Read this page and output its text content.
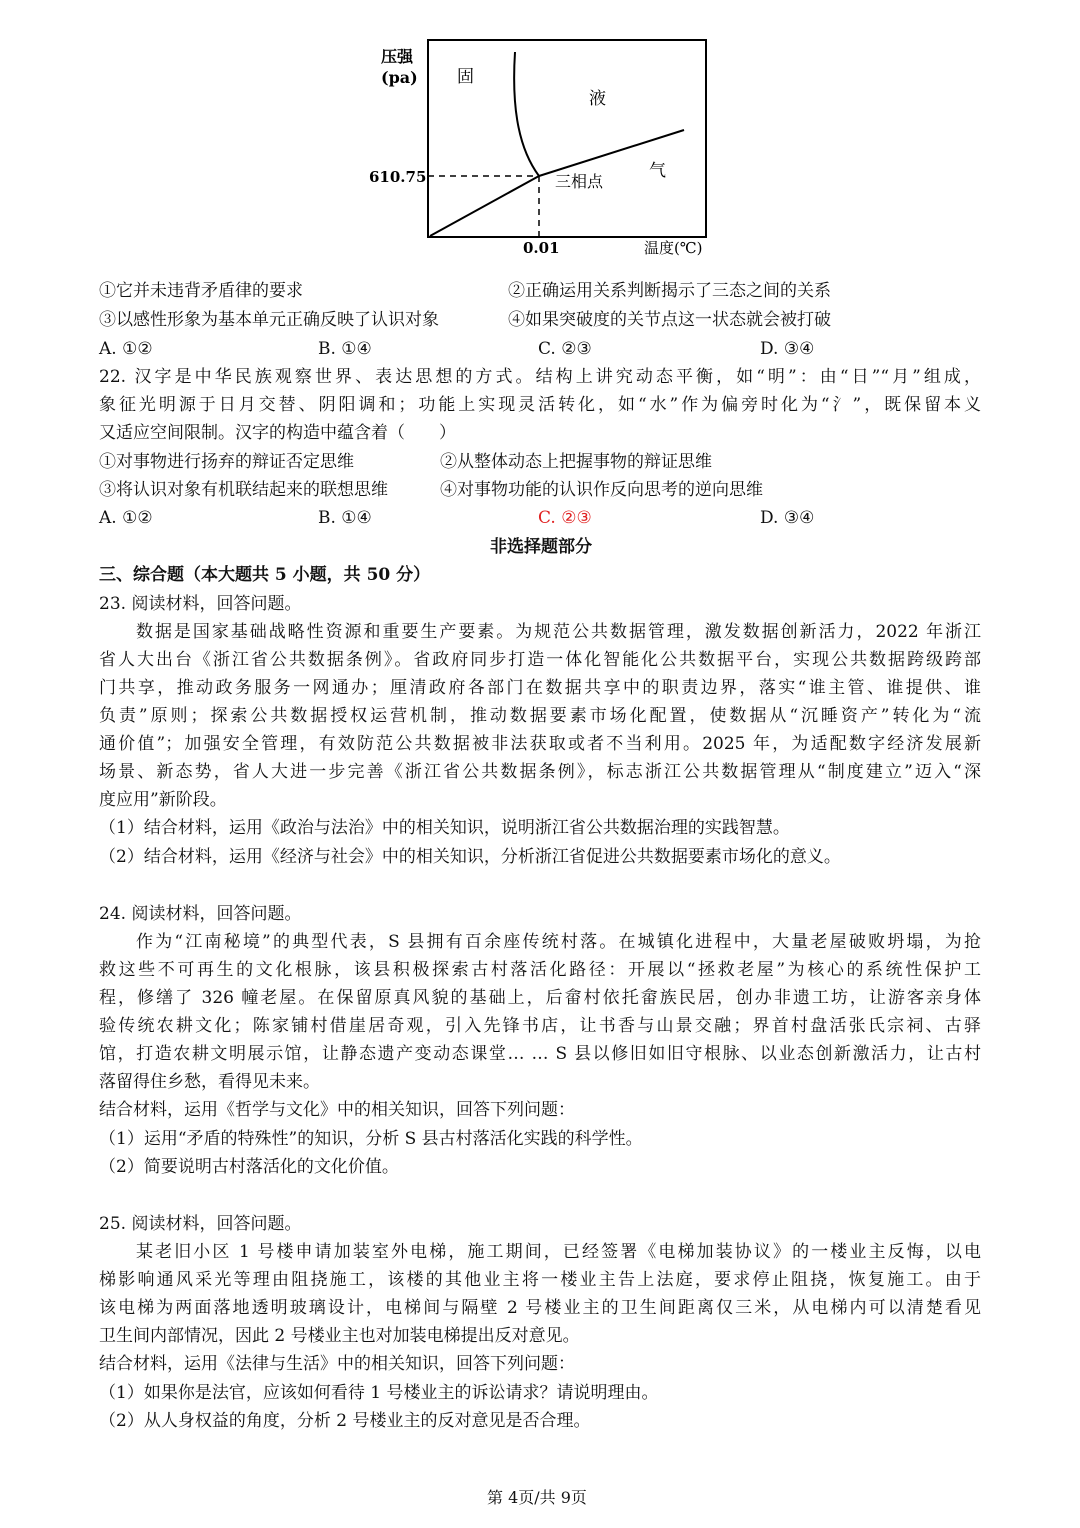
压强
(pa) 固
液
气
三相点
610.75
0.01	温度(℃)
①它并未违背矛盾律的要求	②正确运用关系判断揭示了三态之间的关系
③以感性形象为基本单元正确反映了认识对象	④如果突破度的关节点这一状态就会被打破
A. ①②	B. ①④	C. ②③	D. ③④
22. 汉字是中华民族观察世界、表达思想的方式。结构上讲究动态平衡，如“明”：由“日”“月”组成，
象征光明源于日月交替、阴阳调和；功能上实现灵活转化，如“水”作为偏旁时化为“氵”，既保留本义
又适应空间限制。汉字的构造中蕴含着（　　）
①对事物进行扬弃的辩证否定思维	②从整体动态上把握事物的辩证思维
③将认识对象有机联结起来的联想思维	④对事物功能的认识作反向思考的逆向思维
A. ①②	B. ①④	C. ②③	D. ③④
非选择题部分
三、综合题（本大题共 5 小题，共 50 分）
23. 阅读材料，回答问题。
数据是国家基础战略性资源和重要生产要素。为规范公共数据管理，激发数据创新活力，2022 年浙江
省人大出台《浙江省公共数据条例》。省政府同步打造一体化智能化公共数据平台，实现公共数据跨级跨部
门共享，推动政务服务一网通办；厘清政府各部门在数据共享中的职责边界，落实“谁主管、谁提供、谁
负责”原则；探索公共数据授权运营机制，推动数据要素市场化配置，使数据从“沉睡资产”转化为“流
通价值”；加强安全管理，有效防范公共数据被非法获取或者不当利用。2025 年，为适配数字经济发展新
场景、新态势，省人大进一步完善《浙江省公共数据条例》，标志浙江公共数据管理从“制度建立”迈入“深
度应用”新阶段。
（1）结合材料，运用《政治与法治》中的相关知识，说明浙江省公共数据治理的实践智慧。
（2）结合材料，运用《经济与社会》中的相关知识，分析浙江省促进公共数据要素市场化的意义。
24. 阅读材料，回答问题。
作为“江南秘境”的典型代表，S 县拥有百余座传统村落。在城镇化进程中，大量老屋破败坍塌，为抢
救这些不可再生的文化根脉，该县积极探索古村落活化路径：开展以“拯救老屋”为核心的系统性保护工
程，修缮了 326 幢老屋。在保留原真风貌的基础上，后畲村依托畲族民居，创办非遗工坊，让游客亲身体
验传统农耕文化；陈家铺村借崖居奇观，引入先锋书店，让书香与山景交融；界首村盘活张氏宗祠、古驿
馆，打造农耕文明展示馆，让静态遗产变动态课堂… … S 县以修旧如旧守根脉、以业态创新激活力，让古村
落留得住乡愁，看得见未来。
结合材料，运用《哲学与文化》中的相关知识，回答下列问题：
（1）运用“矛盾的特殊性”的知识，分析 S 县古村落活化实践的科学性。
（2）简要说明古村落活化的文化价值。
25. 阅读材料，回答问题。
某老旧小区 1 号楼申请加装室外电梯，施工期间，已经签署《电梯加装协议》的一楼业主反悔，以电
梯影响通风采光等理由阻挠施工，该楼的其他业主将一楼业主告上法庭，要求停止阻挠，恢复施工。由于
该电梯为两面落地透明玻璃设计，电梯间与隔壁 2 号楼业主的卫生间距离仅三米，从电梯内可以清楚看见
卫生间内部情况，因此 2 号楼业主也对加装电梯提出反对意见。
结合材料，运用《法律与生活》中的相关知识，回答下列问题：
（1）如果你是法官，应该如何看待 1 号楼业主的诉讼请求？请说明理由。
（2）从人身权益的角度，分析 2 号楼业主的反对意见是否合理。
第 4页/共 9页
